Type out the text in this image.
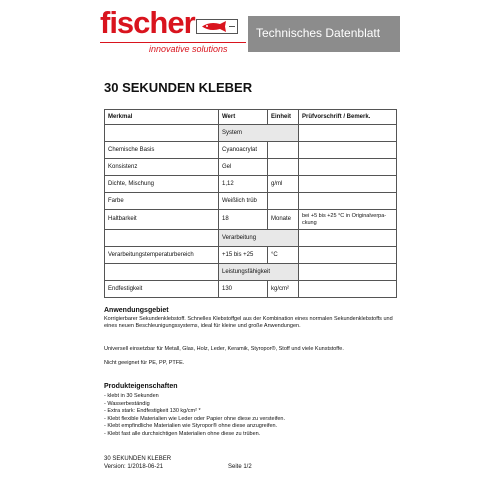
fischer
innovative solutions
Technisches Datenblatt
30 SEKUNDEN KLEBER
Merkmal	Wert	Einheit	Prüfvorschrift / Bemerk.
	System		
Chemische Basis	Cyanoacrylat		
Konsistenz	Gel		
Dichte, Mischung	1,12	g/ml	
Farbe	Weißlich trüb		
Haltbarkeit	18	Monate	bei +5 bis +25 °C in Originalverpa-ckung
	Verarbeitung		
Verarbeitungstemperaturbereich	+15 bis +25	°C	
	Leistungsfähigkeit		
Endfestigkeit	130	kg/cm²	
Anwendungsgebiet
Korrigierbarer Sekundenklebstoff. Schnelles Klebstoffgel aus der Kombination eines normalen Sekundenklebstoffs und eines neuen Beschleunigungssystems, ideal für kleine und große Anwendungen.
Universell einsetzbar für Metall, Glas, Holz, Leder, Keramik, Styropor®, Stoff und viele Kunststoffe.
Nicht geeignet für PE, PP, PTFE.
Produkteigenschaften
- klebt in 30 Sekunden
- Wasserbeständig
- Extra stark: Endfestigkeit 130 kg/cm² *
- Klebt flexible Materialien wie Leder oder Papier ohne diese zu versteifen.
- Klebt empfindliche Materialien wie Styropor® ohne diese anzugreifen.
- Klebt fast alle durchsichtigen Materialien ohne diese zu trüben.
30 SEKUNDEN KLEBER
Version: 1/2018-06-21	Seite 1/2
